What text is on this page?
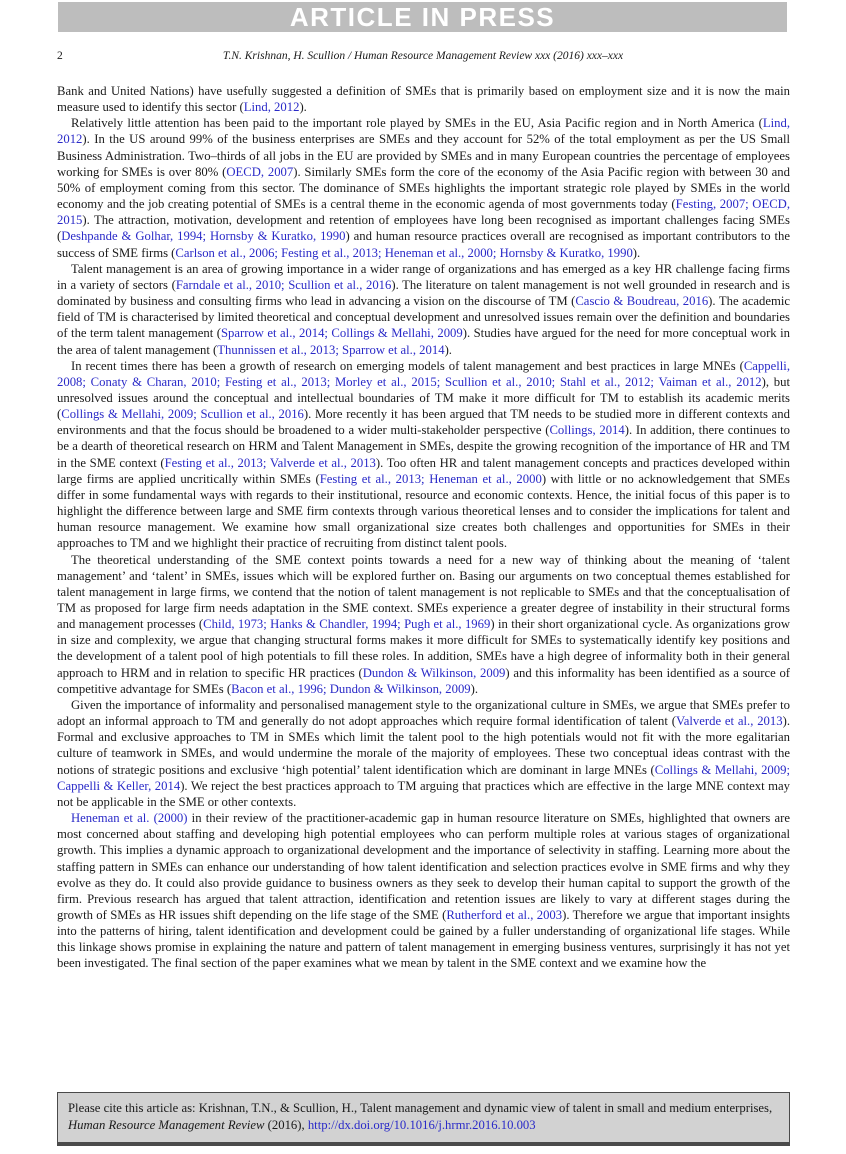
ARTICLE IN PRESS
2	T.N. Krishnan, H. Scullion / Human Resource Management Review xxx (2016) xxx–xxx

Bank and United Nations) have usefully suggested a definition of SMEs that is primarily based on employment size and it is now the main measure used to identify this sector (Lind, 2012).

Relatively little attention has been paid to the important role played by SMEs in the EU, Asia Pacific region and in North America (Lind, 2012). In the US around 99% of the business enterprises are SMEs and they account for 52% of the total employment as per the US Small Business Administration. Two–thirds of all jobs in the EU are provided by SMEs and in many European countries the percentage of employees working for SMEs is over 80% (OECD, 2007). Similarly SMEs form the core of the economy of the Asia Pacific region with between 30 and 50% of employment coming from this sector. The dominance of SMEs highlights the important strategic role played by SMEs in the world economy and the job creating potential of SMEs is a central theme in the economic agenda of most governments today (Festing, 2007; OECD, 2015). The attraction, motivation, development and retention of employees have long been recognised as important challenges facing SMEs (Deshpande & Golhar, 1994; Hornsby & Kuratko, 1990) and human resource practices overall are recognised as important contributors to the success of SME firms (Carlson et al., 2006; Festing et al., 2013; Heneman et al., 2000; Hornsby & Kuratko, 1990).

Talent management is an area of growing importance in a wider range of organizations and has emerged as a key HR challenge facing firms in a variety of sectors (Farndale et al., 2010; Scullion et al., 2016). The literature on talent management is not well grounded in research and is dominated by business and consulting firms who lead in advancing a vision on the discourse of TM (Cascio & Boudreau, 2016). The academic field of TM is characterised by limited theoretical and conceptual development and unresolved issues remain over the definition and boundaries of the term talent management (Sparrow et al., 2014; Collings & Mellahi, 2009). Studies have argued for the need for more conceptual work in the area of talent management (Thunnissen et al., 2013; Sparrow et al., 2014).

In recent times there has been a growth of research on emerging models of talent management and best practices in large MNEs (Cappelli, 2008; Conaty & Charan, 2010; Festing et al., 2013; Morley et al., 2015; Scullion et al., 2010; Stahl et al., 2012; Vaiman et al., 2012), but unresolved issues around the conceptual and intellectual boundaries of TM make it more difficult for TM to establish its academic merits (Collings & Mellahi, 2009; Scullion et al., 2016). More recently it has been argued that TM needs to be studied more in different contexts and environments and that the focus should be broadened to a wider multi-stakeholder perspective (Collings, 2014). In addition, there continues to be a dearth of theoretical research on HRM and Talent Management in SMEs, despite the growing recognition of the importance of HR and TM in the SME context (Festing et al., 2013; Valverde et al., 2013). Too often HR and talent management concepts and practices developed within large firms are applied uncritically within SMEs (Festing et al., 2013; Heneman et al., 2000) with little or no acknowledgement that SMEs differ in some fundamental ways with regards to their institutional, resource and economic contexts. Hence, the initial focus of this paper is to highlight the difference between large and SME firm contexts through various theoretical lenses and to consider the implications for talent and human resource management. We examine how small organizational size creates both challenges and opportunities for SMEs in their approaches to TM and we highlight their practice of recruiting from distinct talent pools.

The theoretical understanding of the SME context points towards a need for a new way of thinking about the meaning of ‘talent management’ and ‘talent’ in SMEs, issues which will be explored further on. Basing our arguments on two conceptual themes established for talent management in large firms, we contend that the notion of talent management is not replicable to SMEs and that the conceptualisation of TM as proposed for large firm needs adaptation in the SME context. SMEs experience a greater degree of instability in their structural forms and management processes (Child, 1973; Hanks & Chandler, 1994; Pugh et al., 1969) in their short organizational cycle. As organizations grow in size and complexity, we argue that changing structural forms makes it more difficult for SMEs to systematically identify key positions and the development of a talent pool of high potentials to fill these roles. In addition, SMEs have a high degree of informality both in their general approach to HRM and in relation to specific HR practices (Dundon & Wilkinson, 2009) and this informality has been identified as a source of competitive advantage for SMEs (Bacon et al., 1996; Dundon & Wilkinson, 2009).

Given the importance of informality and personalised management style to the organizational culture in SMEs, we argue that SMEs prefer to adopt an informal approach to TM and generally do not adopt approaches which require formal identification of talent (Valverde et al., 2013). Formal and exclusive approaches to TM in SMEs which limit the talent pool to the high potentials would not fit with the more egalitarian culture of teamwork in SMEs, and would undermine the morale of the majority of employees. These two conceptual ideas contrast with the notions of strategic positions and exclusive ‘high potential’ talent identification which are dominant in large MNEs (Collings & Mellahi, 2009; Cappelli & Keller, 2014). We reject the best practices approach to TM arguing that practices which are effective in the large MNE context may not be applicable in the SME or other contexts.

Heneman et al. (2000) in their review of the practitioner-academic gap in human resource literature on SMEs, highlighted that owners are most concerned about staffing and developing high potential employees who can perform multiple roles at various stages of organizational growth. This implies a dynamic approach to organizational development and the importance of selectivity in staffing. Learning more about the staffing pattern in SMEs can enhance our understanding of how talent identification and selection practices evolve in SME firms and why they evolve as they do. It could also provide guidance to business owners as they seek to develop their human capital to support the growth of the firm. Previous research has argued that talent attraction, identification and retention issues are likely to vary at different stages during the growth of SMEs as HR issues shift depending on the life stage of the SME (Rutherford et al., 2003). Therefore we argue that important insights into the patterns of hiring, talent identification and development could be gained by a fuller understanding of organizational life stages. While this linkage shows promise in explaining the nature and pattern of talent management in emerging business ventures, surprisingly it has not yet been investigated. The final section of the paper examines what we mean by talent in the SME context and we examine how the

Please cite this article as: Krishnan, T.N., & Scullion, H., Talent management and dynamic view of talent in small and medium enterprises, Human Resource Management Review (2016), http://dx.doi.org/10.1016/j.hrmr.2016.10.003
